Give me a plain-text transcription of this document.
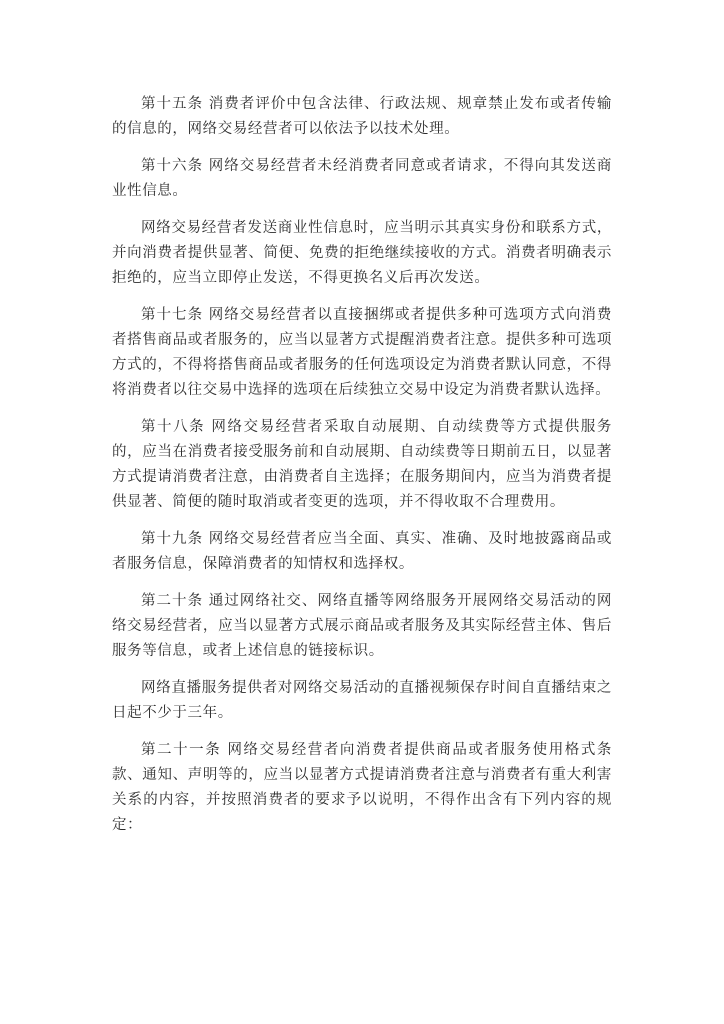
第十五条 消费者评价中包含法律、行政法规、规章禁止发布或者传输的信息的，网络交易经营者可以依法予以技术处理。

第十六条 网络交易经营者未经消费者同意或者请求，不得向其发送商业性信息。

网络交易经营者发送商业性信息时，应当明示其真实身份和联系方式，并向消费者提供显著、简便、免费的拒绝继续接收的方式。消费者明确表示拒绝的，应当立即停止发送，不得更换名义后再次发送。

第十七条 网络交易经营者以直接捆绑或者提供多种可选项方式向消费者搭售商品或者服务的，应当以显著方式提醒消费者注意。提供多种可选项方式的，不得将搭售商品或者服务的任何选项设定为消费者默认同意，不得将消费者以往交易中选择的选项在后续独立交易中设定为消费者默认选择。

第十八条 网络交易经营者采取自动展期、自动续费等方式提供服务的，应当在消费者接受服务前和自动展期、自动续费等日期前五日，以显著方式提请消费者注意，由消费者自主选择；在服务期间内，应当为消费者提供显著、简便的随时取消或者变更的选项，并不得收取不合理费用。

第十九条 网络交易经营者应当全面、真实、准确、及时地披露商品或者服务信息，保障消费者的知情权和选择权。

第二十条 通过网络社交、网络直播等网络服务开展网络交易活动的网络交易经营者，应当以显著方式展示商品或者服务及其实际经营主体、售后服务等信息，或者上述信息的链接标识。

网络直播服务提供者对网络交易活动的直播视频保存时间自直播结束之日起不少于三年。

第二十一条 网络交易经营者向消费者提供商品或者服务使用格式条款、通知、声明等的，应当以显著方式提请消费者注意与消费者有重大利害关系的内容，并按照消费者的要求予以说明，不得作出含有下列内容的规定：
